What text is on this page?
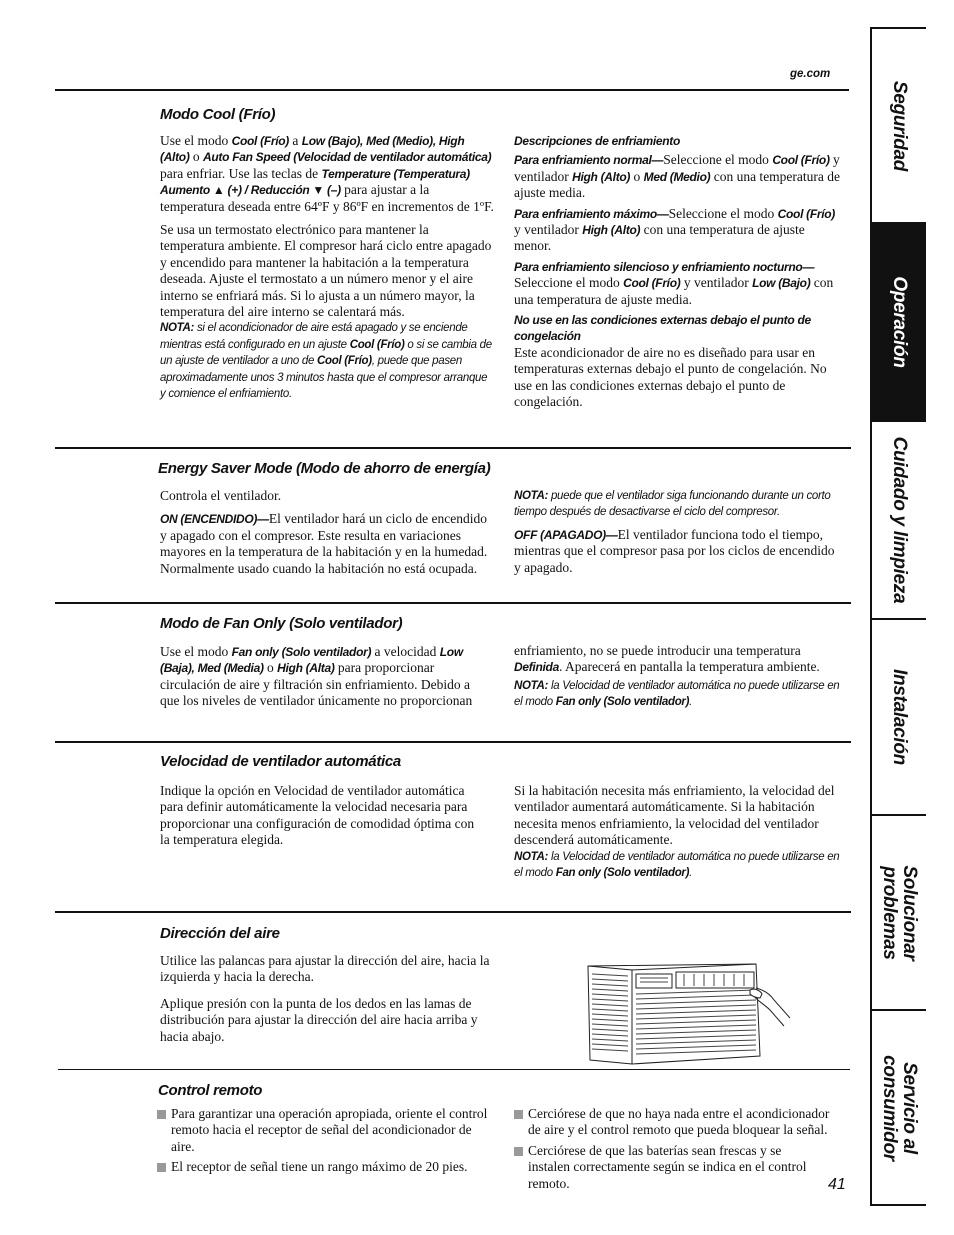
ge.com
Modo Cool (Frío)

Use el modo Cool (Frío) a Low (Bajo), Med (Medio), High (Alto) o Auto Fan Speed (Velocidad de ventilador automática) para enfriar. Use las teclas de Temperature (Temperatura) Aumento ▲ (+) / Reducción ▼ (–) para ajustar a la temperatura deseada entre 64ºF y 86ºF en incrementos de 1ºF.

Se usa un termostato electrónico para mantener la temperatura ambiente. El compresor hará ciclo entre apagado y encendido para mantener la habitación a la temperatura deseada. Ajuste el termostato a un número menor y el aire interno se enfriará más. Si lo ajusta a un número mayor, la temperatura del aire interno se calentará más.

NOTA: si el acondicionador de aire está apagado y se enciende mientras está configurado en un ajuste Cool (Frío) o si se cambia de un ajuste de ventilador a uno de Cool (Frío), puede que pasen aproximadamente unos 3 minutos hasta que el compresor arranque y comience el enfriamiento.
Descripciones de enfriamiento

Para enfriamiento normal—Seleccione el modo Cool (Frío) y ventilador High (Alto) o Med (Medio) con una temperatura de ajuste media.

Para enfriamiento máximo—Seleccione el modo Cool (Frío) y ventilador High (Alto) con una temperatura de ajuste menor.

Para enfriamiento silencioso y enfriamiento nocturno—Seleccione el modo Cool (Frío) y ventilador Low (Bajo) con una temperatura de ajuste media.

No use en las condiciones externas debajo el punto de congelación
Este acondicionador de aire no es diseñado para usar en temperaturas externas debajo el punto de congelación. No use en las condiciones externas debajo el punto de congelación.
Energy Saver Mode (Modo de ahorro de energía)

Controla el ventilador.

ON (ENCENDIDO)—El ventilador hará un ciclo de encendido y apagado con el compresor. Este resulta en variaciones mayores en la temperatura de la habitación y en la humedad. Normalmente usado cuando la habitación no está ocupada.

NOTA: puede que el ventilador siga funcionando durante un corto tiempo después de desactivarse el ciclo del compresor.

OFF (APAGADO)—El ventilador funciona todo el tiempo, mientras que el compresor pasa por los ciclos de encendido y apagado.

Modo de Fan Only (Solo ventilador)

Use el modo Fan only (Solo ventilador) a velocidad Low (Baja), Med (Media) o High (Alta) para proporcionar circulación de aire y filtración sin enfriamiento. Debido a que los niveles de ventilador únicamente no proporcionan

enfriamiento, no se puede introducir una temperatura Definida. Aparecerá en pantalla la temperatura ambiente.

NOTA: la Velocidad de ventilador automática no puede utilizarse en el modo Fan only (Solo ventilador).
Velocidad de ventilador automática

Indique la opción en Velocidad de ventilador automática para definir automáticamente la velocidad necesaria para proporcionar una configuración de comodidad óptima con la temperatura elegida.

Si la habitación necesita más enfriamiento, la velocidad del ventilador aumentará automáticamente. Si la habitación necesita menos enfriamiento, la velocidad del ventilador descenderá automáticamente.

NOTA: la Velocidad de ventilador automática no puede utilizarse en el modo Fan only (Solo ventilador).
Dirección del aire

Utilice las palancas para ajustar la dirección del aire, hacia la izquierda y hacia la derecha.

Aplique presión con la punta de los dedos en las lamas de distribución para ajustar la dirección del aire hacia arriba y hacia abajo.

Control remoto
Para garantizar una operación apropiada, oriente el control remoto hacia el receptor de señal del acondicionador de aire.
El receptor de señal tiene un rango máximo de 20 pies.
Cerciórese de que no haya nada entre el acondicionador de aire y el control remoto que pueda bloquear la señal.
Cerciórese de que las baterías sean frescas y se instalen correctamente según se indica en el control remoto.	41
Seguridad
Operación
Cuidado y limpieza
Instalación
Solucionar problemas
Servicio al consumidor
